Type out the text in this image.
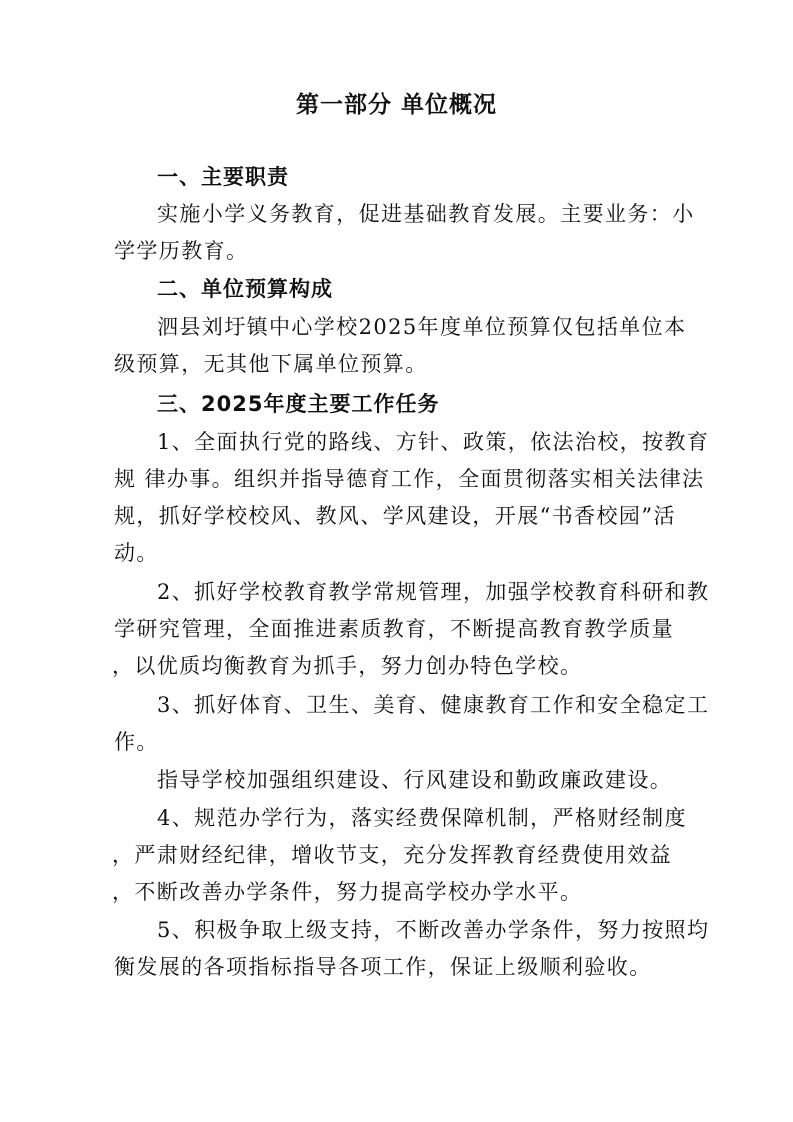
第一部分 单位概况
一、主要职责
实施小学义务教育，促进基础教育发展。主要业务：小
学学历教育。
二、单位预算构成
泗县刘圩镇中心学校2025年度单位预算仅包括单位本
级预算，无其他下属单位预算。
三、2025年度主要工作任务
1、全面执行党的路线、方针、政策，依法治校，按教育
规 律办事。组织并指导德育工作，全面贯彻落实相关法律法
规，抓好学校校风、教风、学风建设，开展“书香校园”活
动。
2、抓好学校教育教学常规管理，加强学校教育科研和教
学研究管理，全面推进素质教育，不断提高教育教学质量
，以优质均衡教育为抓手，努力创办特色学校。
3、抓好体育、卫生、美育、健康教育工作和安全稳定工
作。
指导学校加强组织建设、行风建设和勤政廉政建设。
4、规范办学行为，落实经费保障机制，严格财经制度
，严肃财经纪律，增收节支，充分发挥教育经费使用效益
，不断改善办学条件，努力提高学校办学水平。
5、积极争取上级支持，不断改善办学条件，努力按照均
衡发展的各项指标指导各项工作，保证上级顺利验收。
